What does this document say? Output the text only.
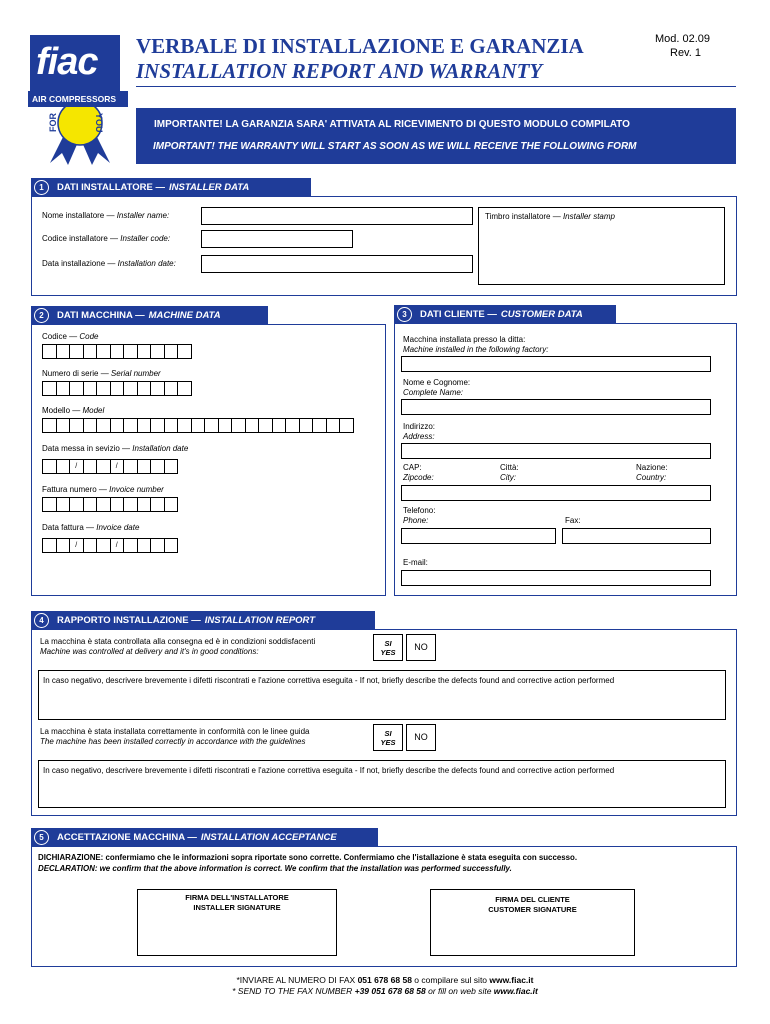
fiac
AIR COMPRESSORS
FOR	YOU
VERBALE DI INSTALLAZIONE E GARANZIA
INSTALLATION REPORT AND WARRANTY
Mod. 02.09
Rev. 1
IMPORTANTE! LA GARANZIA SARA' ATTIVATA AL RICEVIMENTO DI QUESTO MODULO COMPILATO
IMPORTANT! THE WARRANTY WILL START AS SOON AS WE WILL RECEIVE THE FOLLOWING FORM
1	DATI INSTALLATORE — INSTALLER DATA
Nome installatore — Installer name:
Codice installatore — Installer code:
Data installazione — Installation date:
Timbro installatore — Installer stamp
2	DATI MACCHINA — MACHINE DATA
Codice — Code
Numero di serie — Serial number
Modello — Model
Data messa in sevizio — Installation date
/	/
Fattura numero — Invoice number
Data fattura — Invoice date
/	/
3	DATI CLIENTE — CUSTOMER DATA
Macchina installata presso la ditta:
Machine installed in the following factory:
Nome e Cognome:
Complete Name:
Indirizzo:
Address:
CAP:
Zipcode:
Città:
City:
Nazione:
Country:
Telefono:
Phone:	Fax:
E-mail:
4	RAPPORTO INSTALLAZIONE — INSTALLATION REPORT
La macchina è stata controllata alla consegna ed è in condizioni soddisfacenti
Machine was controlled at delivery and it's in good conditions:
SI
YES
NO
In caso negativo, descrivere brevemente i difetti riscontrati e l'azione correttiva eseguita - If not, briefly describe the defects found and corrective action performed
La macchina è stata installata correttamente in conformità con le linee guida
The machine has been installed correctly in accordance with the guidelines
SI
YES
NO
In caso negativo, descrivere brevemente i difetti riscontrati e l'azione correttiva eseguita - If not, briefly describe the defects found and corrective action performed
5	ACCETTAZIONE MACCHINA — INSTALLATION ACCEPTANCE
DICHIARAZIONE: confermiamo che le informazioni sopra riportate sono corrette. Confermiamo che l'istallazione è stata eseguita con successo.
DECLARATION: we confirm that the above information is correct. We confirm that the installation was performed successfully.
FIRMA DELL'INSTALLATORE
INSTALLER SIGNATURE
FIRMA DEL CLIENTE
CUSTOMER SIGNATURE
*INVIARE AL NUMERO DI FAX 051 678 68 58 o compilare sul sito www.fiac.it
* SEND TO THE FAX NUMBER +39 051 678 68 58 or fill on web site www.fiac.it
